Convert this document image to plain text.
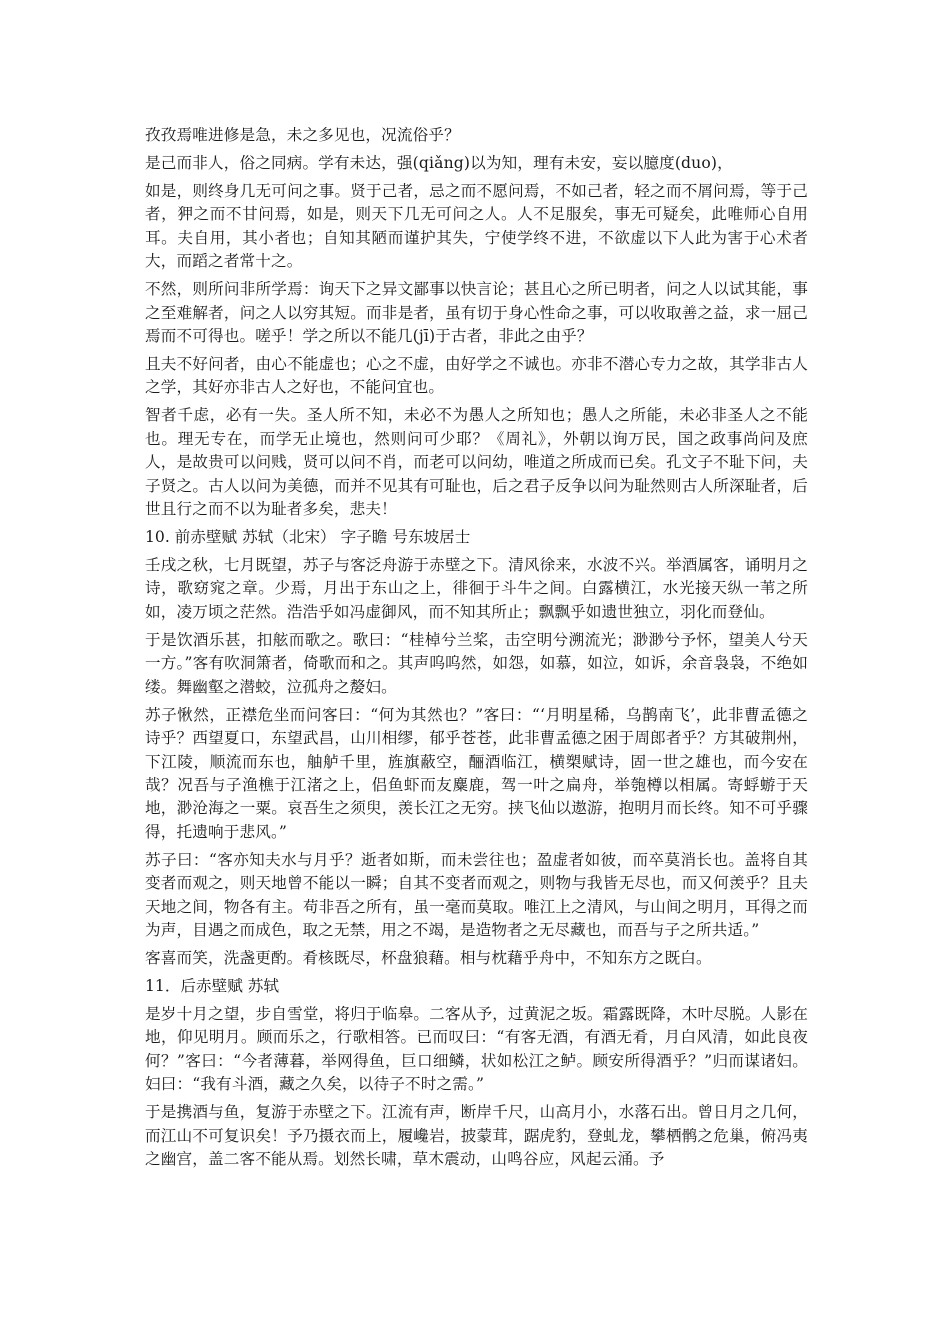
孜孜焉唯进修是急，未之多见也，况流俗乎？

是己而非人，俗之同病。学有未达，强(qiǎng)以为知，理有未安，妄以臆度(duo)，

如是，则终身几无可问之事。贤于己者，忌之而不愿问焉，不如己者，轻之而不屑问焉，等于己者，狎之而不甘问焉，如是，则天下几无可问之人。人不足服矣，事无可疑矣，此唯师心自用耳。夫自用，其小者也；自知其陋而谨护其失，宁使学终不进，不欲虚以下人此为害于心术者大，而蹈之者常十之。

不然，则所问非所学焉：询天下之异文鄙事以快言论；甚且心之所已明者，问之人以试其能，事之至难解者，问之人以穷其短。而非是者，虽有切于身心性命之事，可以收取善之益，求一屈己焉而不可得也。嗟乎！学之所以不能几(jī)于古者，非此之由乎？

且夫不好问者，由心不能虚也；心之不虚，由好学之不诚也。亦非不潜心专力之故，其学非古人之学，其好亦非古人之好也，不能问宜也。

智者千虑，必有一失。圣人所不知，未必不为愚人之所知也；愚人之所能，未必非圣人之不能也。理无专在，而学无止境也，然则问可少耶？《周礼》，外朝以询万民，国之政事尚问及庶人，是故贵可以问贱，贤可以问不肖，而老可以问幼，唯道之所成而已矣。孔文子不耻下问，夫子贤之。古人以问为美德，而并不见其有可耻也，后之君子反争以问为耻然则古人所深耻者，后世且行之而不以为耻者多矣，悲夫！

10. 前赤壁赋 苏轼（北宋） 字子瞻 号东坡居士

壬戌之秋，七月既望，苏子与客泛舟游于赤壁之下。清风徐来，水波不兴。举酒属客，诵明月之诗，歌窈窕之章。少焉，月出于东山之上，徘徊于斗牛之间。白露横江，水光接天纵一苇之所如，凌万顷之茫然。浩浩乎如冯虚御风，而不知其所止；飘飘乎如遗世独立，羽化而登仙。

于是饮酒乐甚，扣舷而歌之。歌曰：“桂棹兮兰桨，击空明兮溯流光；渺渺兮予怀，望美人兮天一方。”客有吹洞箫者，倚歌而和之。其声呜呜然，如怨，如慕，如泣，如诉，余音袅袅，不绝如缕。舞幽壑之潜蛟，泣孤舟之嫠妇。

苏子愀然，正襟危坐而问客曰：“何为其然也？”客曰：“‘月明星稀，乌鹊南飞’，此非曹孟德之诗乎？西望夏口，东望武昌，山川相缪，郁乎苍苍，此非曹孟德之困于周郎者乎？方其破荆州，下江陵，顺流而东也，舳舻千里，旌旗蔽空，酾酒临江，横槊赋诗，固一世之雄也，而今安在哉？况吾与子渔樵于江渚之上，侣鱼虾而友麋鹿，驾一叶之扁舟，举匏樽以相属。寄蜉蝣于天地，渺沧海之一粟。哀吾生之须臾，羡长江之无穷。挟飞仙以遨游，抱明月而长终。知不可乎骤得，托遗响于悲风。”

苏子曰：“客亦知夫水与月乎？逝者如斯，而未尝往也；盈虚者如彼，而卒莫消长也。盖将自其变者而观之，则天地曾不能以一瞬；自其不变者而观之，则物与我皆无尽也，而又何羡乎？且夫天地之间，物各有主。苟非吾之所有，虽一毫而莫取。唯江上之清风，与山间之明月，耳得之而为声，目遇之而成色，取之无禁，用之不竭，是造物者之无尽藏也，而吾与子之所共适。”

客喜而笑，洗盏更酌。肴核既尽，杯盘狼藉。相与枕藉乎舟中，不知东方之既白。

11．后赤壁赋 苏轼

是岁十月之望，步自雪堂，将归于临皋。二客从予，过黄泥之坂。霜露既降，木叶尽脱。人影在地，仰见明月。顾而乐之，行歌相答。已而叹曰：“有客无酒，有酒无肴，月白风清，如此良夜何？”客曰：“今者薄暮，举网得鱼，巨口细鳞，状如松江之鲈。顾安所得酒乎？”归而谋诸妇。妇曰：“我有斗酒，藏之久矣，以待子不时之需。”

于是携酒与鱼，复游于赤壁之下。江流有声，断岸千尺，山高月小，水落石出。曾日月之几何，而江山不可复识矣！予乃摄衣而上，履巉岩，披蒙茸，踞虎豹，登虬龙，攀栖鹘之危巢，俯冯夷之幽宫，盖二客不能从焉。划然长啸，草木震动，山鸣谷应，风起云涌。予
